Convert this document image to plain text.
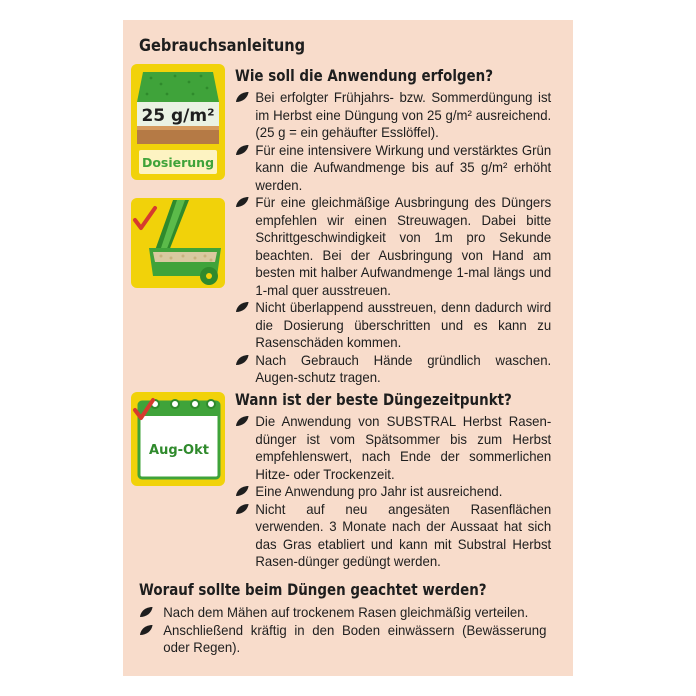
Gebrauchsanleitung
25 g/m²
Dosierung
Aug-Okt
Wie soll die Anwendung erfolgen?
Bei erfolgter Frühjahrs- bzw. Sommerdüngung ist im Herbst eine Düngung von 25 g/m² ausreichend. (25 g = ein gehäufter Esslöffel).
Für eine intensivere Wirkung und verstärktes Grün kann die Aufwandmenge bis auf 35 g/m² erhöht werden.
Für eine gleichmäßige Ausbringung des Düngers empfehlen wir einen Streuwagen. Dabei bitte Schrittgeschwindigkeit von 1m pro Sekunde beachten. Bei der Ausbringung von Hand am besten mit halber Aufwandmenge 1-mal längs und 1-mal quer ausstreuen.
Nicht überlappend ausstreuen, denn dadurch wird die Dosierung überschritten und es kann zu Rasenschäden kommen.
Nach Gebrauch Hände gründlich waschen. Augen-schutz tragen.
Wann ist der beste Düngezeitpunkt?
Die Anwendung von SUBSTRAL Herbst Rasen-dünger ist vom Spätsommer bis zum Herbst empfehlenswert, nach Ende der sommerlichen Hitze- oder Trockenzeit.
Eine Anwendung pro Jahr ist ausreichend.
Nicht auf neu angesäten Rasenflächen verwenden. 3 Monate nach der Aussaat hat sich das Gras etabliert und kann mit Substral Herbst Rasen-dünger gedüngt werden.
Worauf sollte beim Düngen geachtet werden?
Nach dem Mähen auf trockenem Rasen gleichmäßig verteilen.
Anschließend kräftig in den Boden einwässern (Bewässerung oder Regen).
